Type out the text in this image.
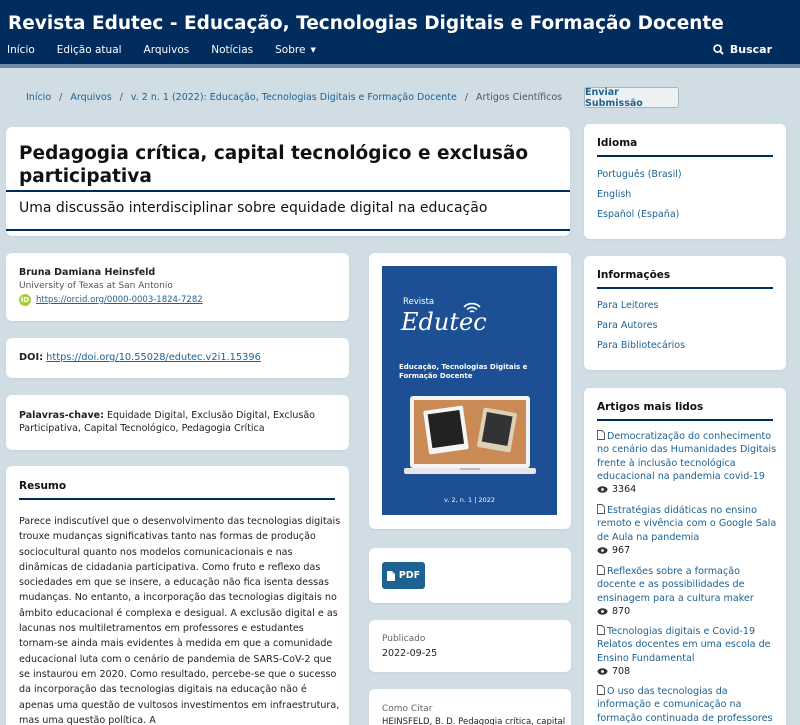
Revista Edutec - Educação, Tecnologias Digitais e Formação Docente
Início Edição atual Arquivos Notícias Sobre ▼	Buscar
Início / Arquivos / v. 2 n. 1 (2022): Educação, Tecnologias Digitais e Formação Docente / Artigos Científicos Enviar Submissão
Pedagogia crítica, capital tecnológico e exclusão participativa
Uma discussão interdisciplinar sobre equidade digital na educação
Bruna Damiana Heinsfeld
University of Texas at San Antonio
iD https://orcid.org/0000-0003-1824-7282
DOI: https://doi.org/10.55028/edutec.v2i1.15396
Palavras-chave: Equidade Digital, Exclusão Digital, Exclusão Participativa, Capital Tecnológico, Pedagogia Crítica
Resumo
Parece indiscutível que o desenvolvimento das tecnologias digitais trouxe mudanças significativas tanto nas formas de produção sociocultural quanto nos modelos comunicacionais e nas dinâmicas de cidadania participativa. Como fruto e reflexo das sociedades em que se insere, a educação não fica isenta dessas mudanças. No entanto, a incorporação das tecnologias digitais no âmbito educacional é complexa e desigual. A exclusão digital e as lacunas nos multiletramentos em professores e estudantes tornam-se ainda mais evidentes à medida em que a comunidade educacional luta com o cenário de pandemia de SARS-CoV-2 que se instaurou em 2020. Como resultado, percebe-se que o sucesso da incorporação das tecnologias digitais na educação não é apenas uma questão de vultosos investimentos em infraestrutura, mas uma questão política. A
Revista
Edutec
Educação, Tecnologias Digitais e Formação Docente
v. 2, n. 1 | 2022
PDF
Publicado
2022-09-25
Como Citar
HEINSFELD, B. D. Pedagogia crítica, capital
Idioma
Português (Brasil)
English
Español (España)
Informações
Para Leitores
Para Autores
Para Bibliotecários
Artigos mais lidos
Democratização do conhecimento no cenário das Humanidades Digitais frente à inclusão tecnológica educacional na pandemia covid-19
3364
Estratégias didáticas no ensino remoto e vivência com o Google Sala de Aula na pandemia
967
Reflexões sobre a formação docente e as possibilidades de ensinagem para a cultura maker
870
Tecnologias digitais e Covid-19 Relatos docentes em uma escola de Ensino Fundamental
708
O uso das tecnologias da informação e comunicação na formação continuada de professores
